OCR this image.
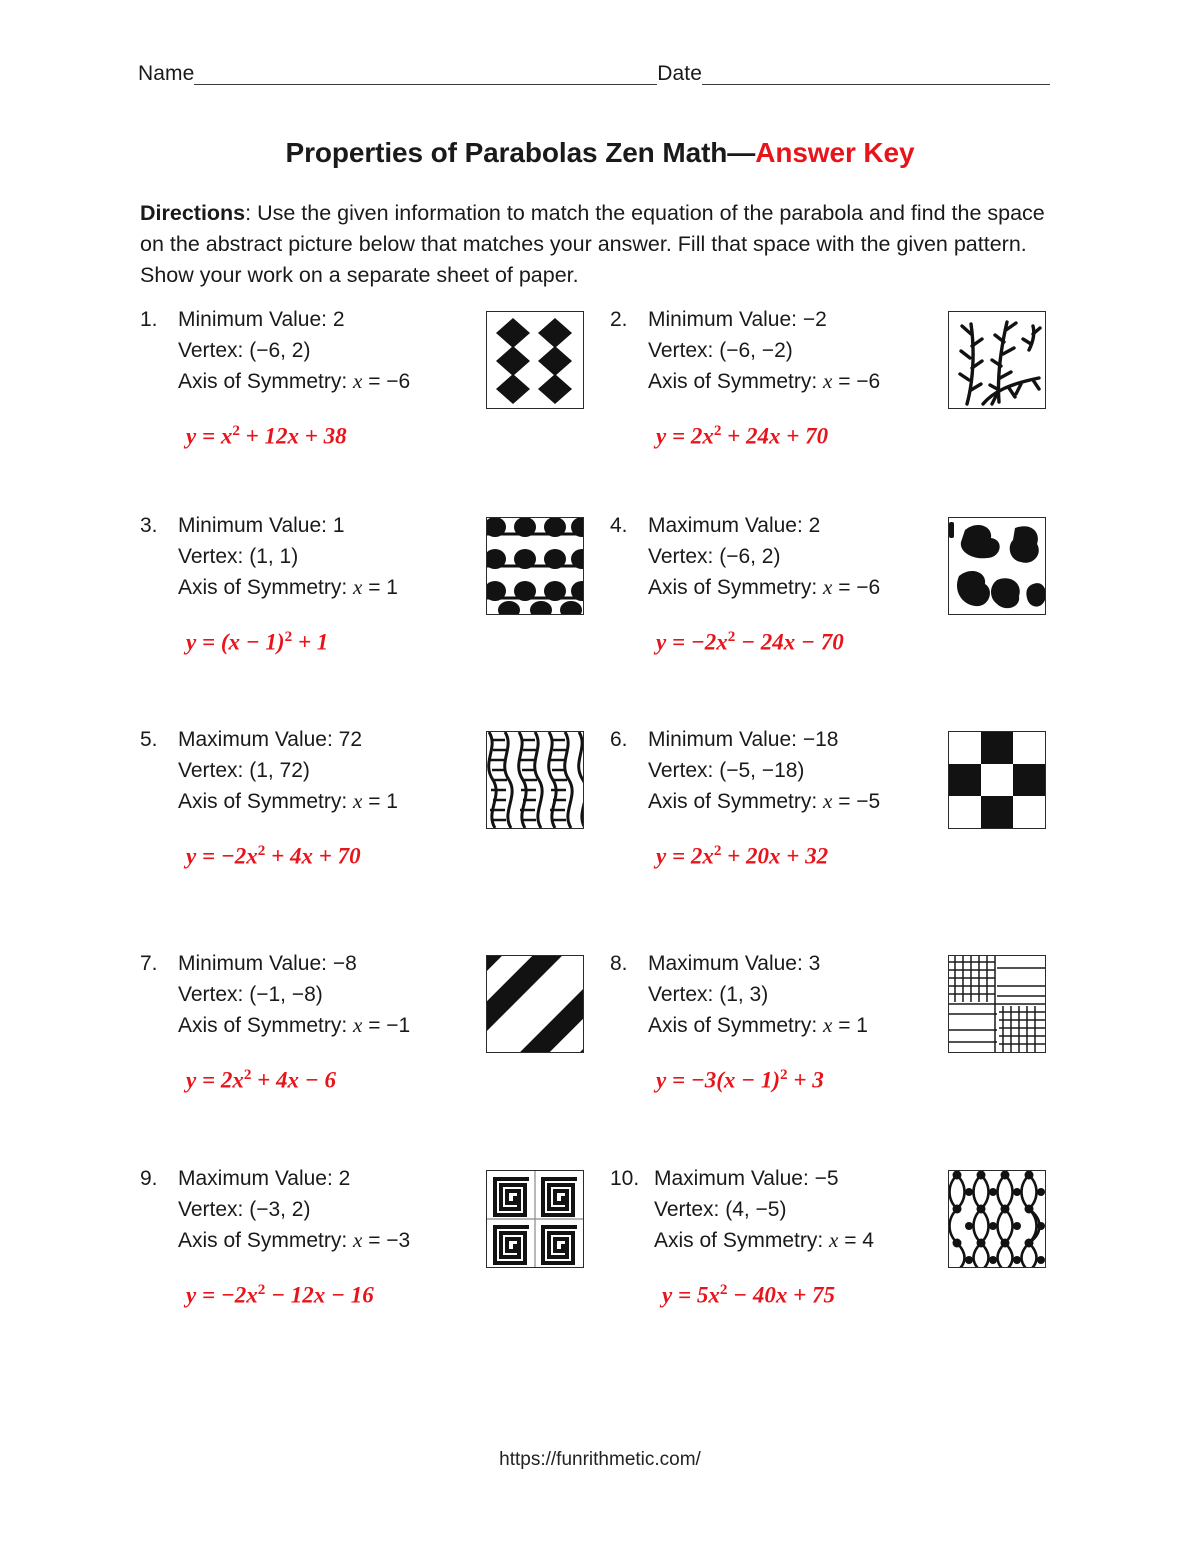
Name	Date
Properties of Parabolas Zen Math—Answer Key
Directions: Use the given information to match the equation of the parabola and find the space on the abstract picture below that matches your answer. Fill that space with the given pattern. Show your work on a separate sheet of paper.
1. Minimum Value: 2
Vertex: (−6, 2)
Axis of Symmetry: x = −6
$y = x^2 + 12x + 38$
2. Minimum Value: −2
Vertex: (−6, −2)
Axis of Symmetry: x = −6
$y = 2x^2 + 24x + 70$
3. Minimum Value: 1
Vertex: (1, 1)
Axis of Symmetry: x = 1
$y = (x - 1)^2 + 1$
4. Maximum Value: 2
Vertex: (−6, 2)
Axis of Symmetry: x = −6
$y = -2x^2 - 24x - 70$
5. Maximum Value: 72
Vertex: (1, 72)
Axis of Symmetry: x = 1
$y = -2x^2 + 4x + 70$
6. Minimum Value: −18
Vertex: (−5, −18)
Axis of Symmetry: x = −5
$y = 2x^2 + 20x + 32$
7. Minimum Value: −8
Vertex: (−1, −8)
Axis of Symmetry: x = −1
$y = 2x^2 + 4x - 6$
8. Maximum Value: 3
Vertex: (1, 3)
Axis of Symmetry: x = 1
$y = -3(x - 1)^2 + 3$
9. Maximum Value: 2
Vertex: (−3, 2)
Axis of Symmetry: x = −3
$y = -2x^2 - 12x - 16$
10. Maximum Value: −5
Vertex: (4, −5)
Axis of Symmetry: x = 4
$y = 5x^2 - 40x + 75$
https://funrithmetic.com/
